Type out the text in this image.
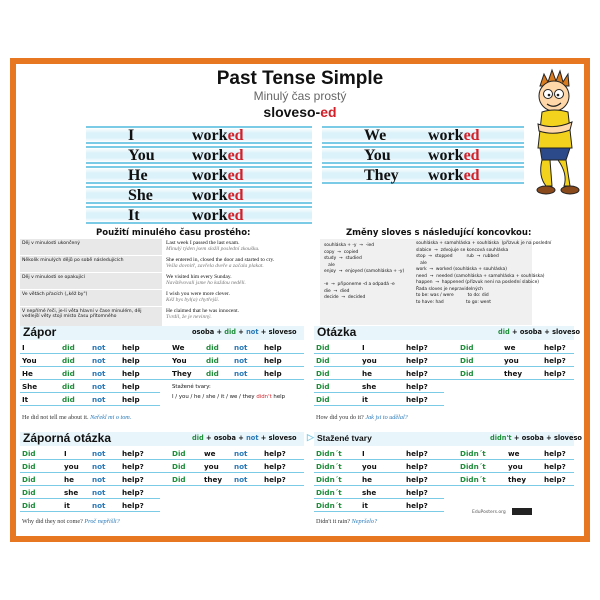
Past Tense Simple
Minulý čas prostý
sloveso-ed
I	worked
You worked
He	worked
She worked
It	worked
We	worked
You worked
They worked
Použití minulého času prostého:
Děj v minulosti ukončený	Last week I passed the last exam.
Minulý týden jsem složil poslední zkoušku.
Několik minulých dějů po sobě následujících	She entered in, closed the door and started to cry.
Vešla dovnitř, zavřela dveře a začala plakat.
Děj v minulosti se opakující	We visited him every Sunday.
Navštěvovali jsme ho každou neděli.
Ve větách přacích („kéž by")	I wish you were more clever.
Kéž bys byl(a) chytřejší.
V nepřímé řeči, je-li věta hlavní v čase minulém, děj vedlejší věty stojí místo času přítomného
He claimed that he was innocent.
Tvrdil, že je nevinný.
Změny sloves s následující koncovkou:
souhláska + -y  →  -ied
copy  →  copied
study  →  studied
ale
enjoy  →  enjoyed (samohláska + -y)

-e  →  připoneme -d a odpadá -e
die  →  died
decide  →  decided
souhláska + samohláska + souhláska  (přízvuk je na poslední
slabice  →  zdvojuje se koncová souhláska
stop  →  stopped          rub  →  rubbed
ale
work  →  worked (souhláska + souhláska)
need  →  needed (samohláska + samohláska + souhláska)
happen  →  happened (přízvuk není na poslední slabice)
Řada sloves je nepravidelných
to be: was / were          to do: did
to have: had                to go: went
Zápor	osoba + did + not + sloveso
I	did not help	We	did not help
You	did not help	You	did not help
He	did not help	They did not help
She	did not help
It	did not help
Stažené tvary:
I / you / he / she / it / we / they didn't help
He did not tell me about it. Neřekl mi o tom.
Otázka	did + osoba + sloveso
Did	I	help?	Did	we	help?
Did	you	help?	Did	you	help?
Did	he	help?	Did	they	help?
Did	she	help?
Did	it	help?
How did you do it? Jak jsi to udělal?
Záporná otázka	did + osoba + not + sloveso
Did	I	not help?	Did	we	not help?
Did	you not help?	Did	you not help?
Did	he	not help?	Did	they not help?
Did	she not help?
Did	it	not help?
Why did they not come? Proč nepřišli?
▷ Stažené tvary	didn't + osoba + sloveso
Didn´t	I	help?	Didn´t	we	help?
Didn´t	you	help?	Didn´t	you	help?
Didn´t	he	help?	Didn´t	they help?
Didn´t	she	help?
Didn´t	it	help?
Didn't it rain? Nepršelo?
EduPosters.org
